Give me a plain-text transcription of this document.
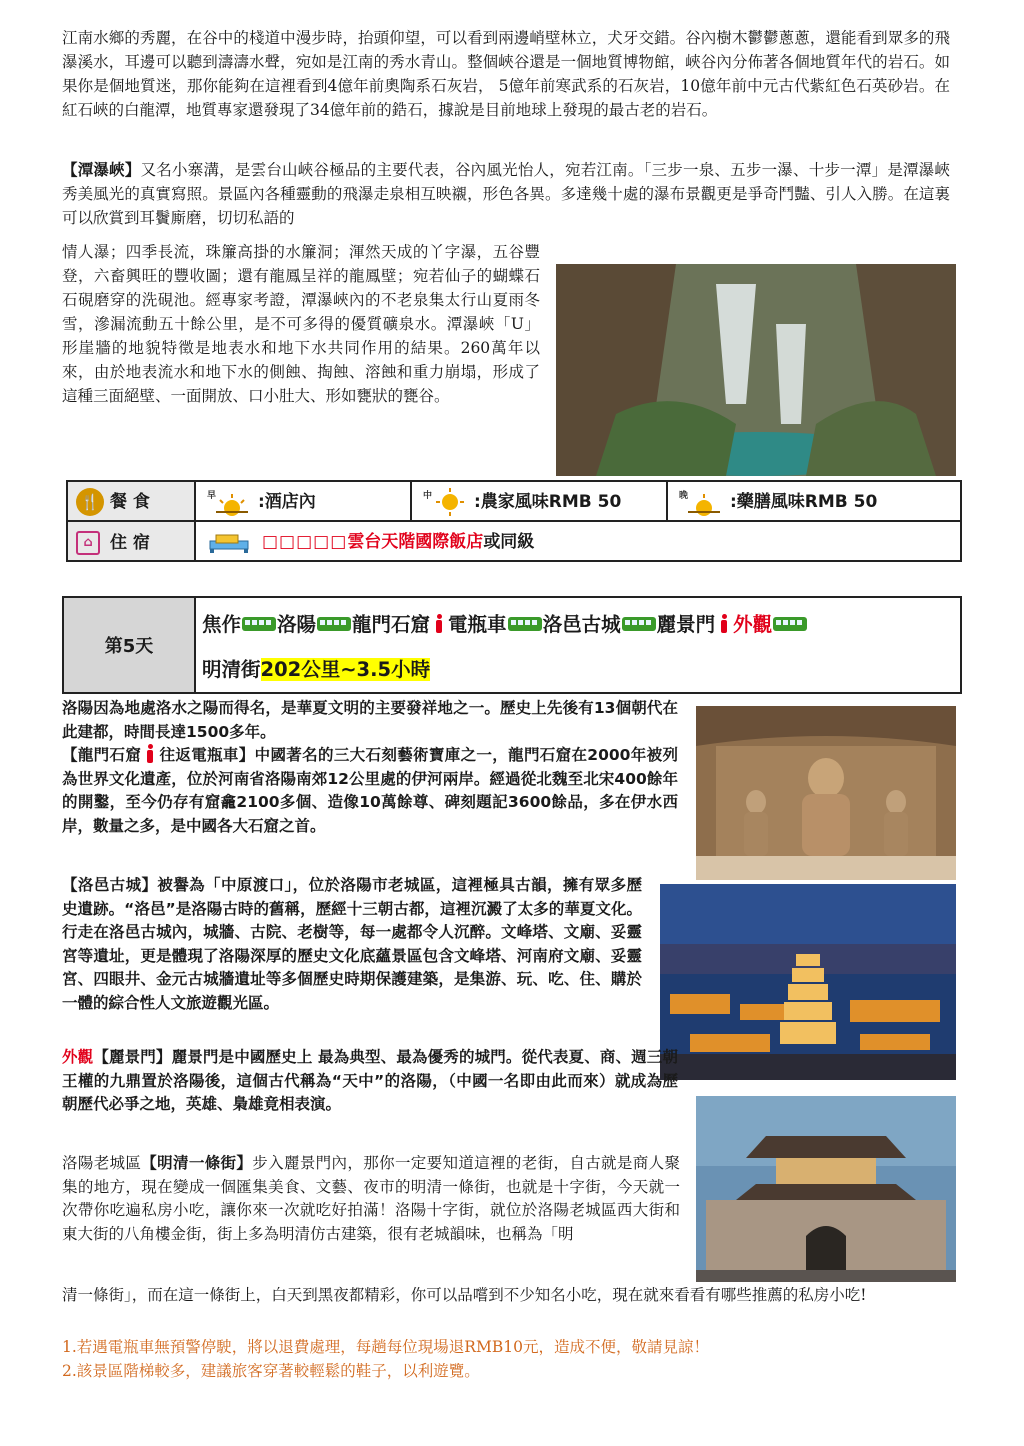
江南水鄉的秀麗，在谷中的棧道中漫步時，抬頭仰望，可以看到兩邊峭壁林立，犬牙交錯。谷內樹木鬱鬱蔥蔥，還能看到眾多的飛瀑溪水，耳邊可以聽到濤濤水聲，宛如是江南的秀水青山。整個峽谷還是一個地質博物館，峽谷內分佈著各個地質年代的岩石。如果你是個地質迷，那你能夠在這裡看到4億年前奧陶系石灰岩， 5億年前寒武系的石灰岩，10億年前中元古代紫紅色石英砂岩。在紅石峽的白龍潭，地質專家還發現了34億年前的鋯石，據說是目前地球上發現的最古老的岩石。

【潭瀑峽】又名小寨溝，是雲台山峽谷極品的主要代表，谷內風光怡人，宛若江南。「三步一泉、五步一瀑、十步一潭」是潭瀑峽秀美風光的真實寫照。景區內各種靈動的飛瀑走泉相互映襯，形色各異。多達幾十處的瀑布景觀更是爭奇鬥豔、引人入勝。在這裏可以欣賞到耳鬢廝磨，切切私語的

情人瀑；四季長流，珠簾高掛的水簾洞；渾然天成的丫字瀑，五谷豐登，六畜興旺的豐收圖；還有龍鳳呈祥的龍鳳壁；宛若仙子的蝴蝶石石硯磨穿的洗硯池。經專家考證，潭瀑峽內的不老泉集太行山夏雨冬雪，滲漏流動五十餘公里，是不可多得的優質礦泉水。潭瀑峽「U」形崖牆的地貌特徵是地表水和地下水共同作用的結果。260萬年以來，由於地表流水和地下水的側蝕、掏蝕、溶蝕和重力崩塌，形成了這種三面絕壁、一面開放、口小肚大、形如甕狀的甕谷。

🍴 餐 食	早 :酒店內	中 :農家風味RMB 50	晚 :藥膳風味RMB 50
⌂ 住 宿	□□□□□雲台天階國際飯店或同級		
第5天
焦作 洛陽 龍門石窟 電瓶車 洛邑古城 麗景門 外觀
明清街202公里~3.5小時

洛陽因為地處洛水之陽而得名，是華夏文明的主要發祥地之一。歷史上先後有13個朝代在此建都，時間長達1500多年。

【龍門石窟 往返電瓶車】中國著名的三大石刻藝術寶庫之一，龍門石窟在2000年被列為世界文化遺產，位於河南省洛陽南郊12公里處的伊河兩岸。經過從北魏至北宋400餘年的開鑿，至今仍存有窟龕2100多個、造像10萬餘尊、碑刻題記3600餘品，多在伊水西岸，數量之多，是中國各大石窟之首。

【洛邑古城】被譽為「中原渡口」，位於洛陽市老城區，這裡極具古韻，擁有眾多歷史遺跡。“洛邑”是洛陽古時的舊稱，歷經十三朝古都，這裡沉澱了太多的華夏文化。行走在洛邑古城內，城牆、古院、老樹等，每一處都令人沉醉。文峰塔、文廟、妥靈宮等遺址，更是體現了洛陽深厚的歷史文化底蘊景區包含文峰塔、河南府文廟、妥靈宮、四眼井、金元古城牆遺址等多個歷史時期保護建築，是集游、玩、吃、住、購於一體的綜合性人文旅遊觀光區。

外觀【麗景門】麗景門是中國歷史上 最為典型、最為優秀的城門。從代表夏、商、週三朝王權的九鼎置於洛陽後，這個古代稱為“天中”的洛陽，（中國一名即由此而來）就成為歷朝歷代必爭之地，英雄、梟雄竟相表演。

洛陽老城區【明清一條街】步入麗景門內，那你一定要知道這裡的老街，自古就是商人聚集的地方，現在變成一個匯集美食、文藝、夜市的明清一條街，也就是十字街，今天就一次帶你吃遍私房小吃，讓你來一次就吃好拍滿！洛陽十字街，就位於洛陽老城區西大街和東大街的八角樓金街，街上多為明清仿古建築，很有老城韻味，也稱為「明

清一條街」，而在這一條街上，白天到黑夜都精彩，你可以品嚐到不少知名小吃，現在就來看看有哪些推薦的私房小吃!

1.若遇電瓶車無預警停駛，將以退費處理，每趟每位現場退RMB10元，造成不便，敬請見諒！
2.該景區階梯較多，建議旅客穿著較輕鬆的鞋子，以利遊覽。
